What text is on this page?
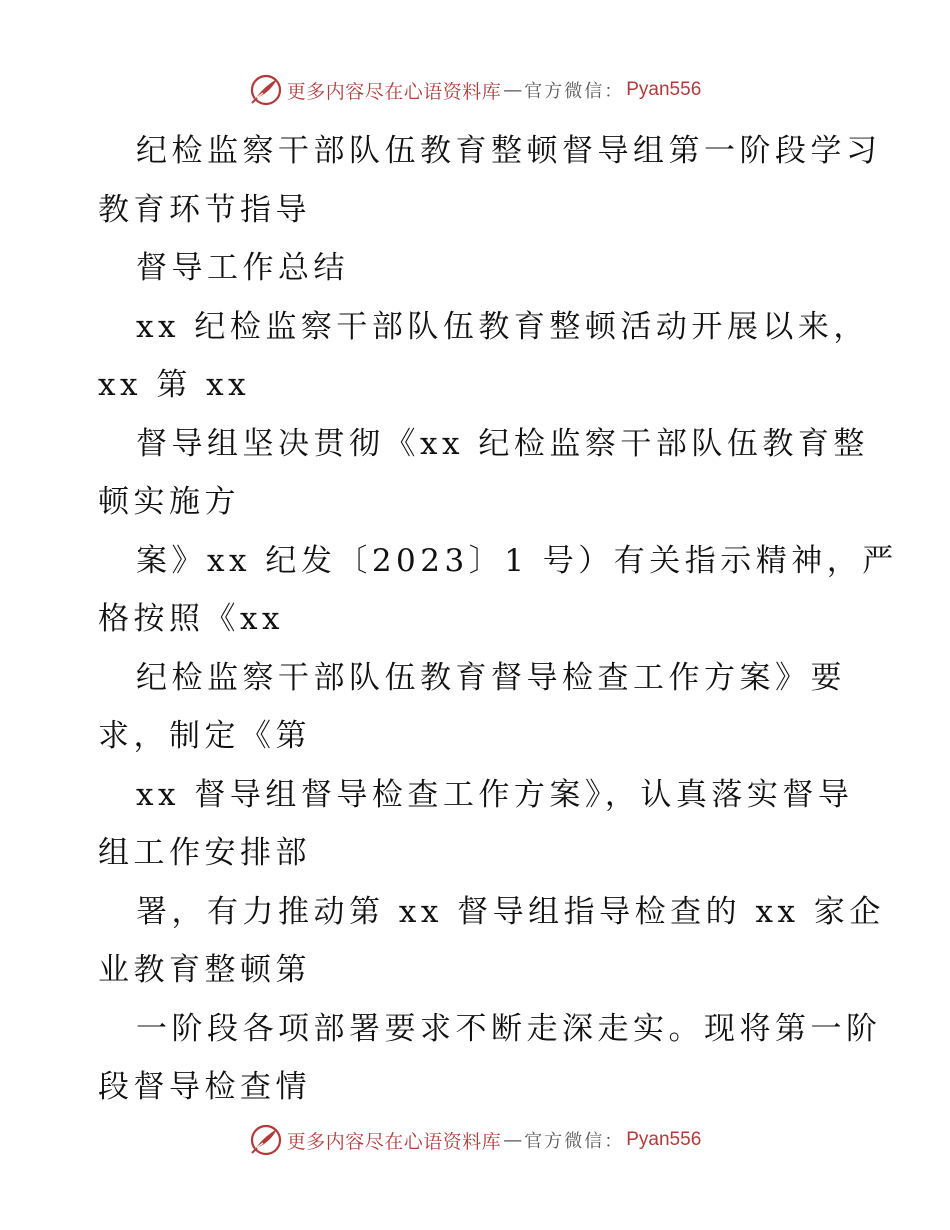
更多内容尽在心语资料库 — 官方微信： Pyan556
纪检监察干部队伍教育整顿督导组第一阶段学习
教育环节指导
督导工作总结
xx 纪检监察干部队伍教育整顿活动开展以来，
xx 第 xx
督导组坚决贯彻《xx 纪检监察干部队伍教育整
顿实施方
案》xx 纪发〔2023〕1 号）有关指示精神，严
格按照《xx
纪检监察干部队伍教育督导检查工作方案》要
求，制定《第
xx 督导组督导检查工作方案》，认真落实督导
组工作安排部
署，有力推动第 xx 督导组指导检查的 xx 家企
业教育整顿第
一阶段各项部署要求不断走深走实。现将第一阶
段督导检查情
更多内容尽在心语资料库 — 官方微信： Pyan556
